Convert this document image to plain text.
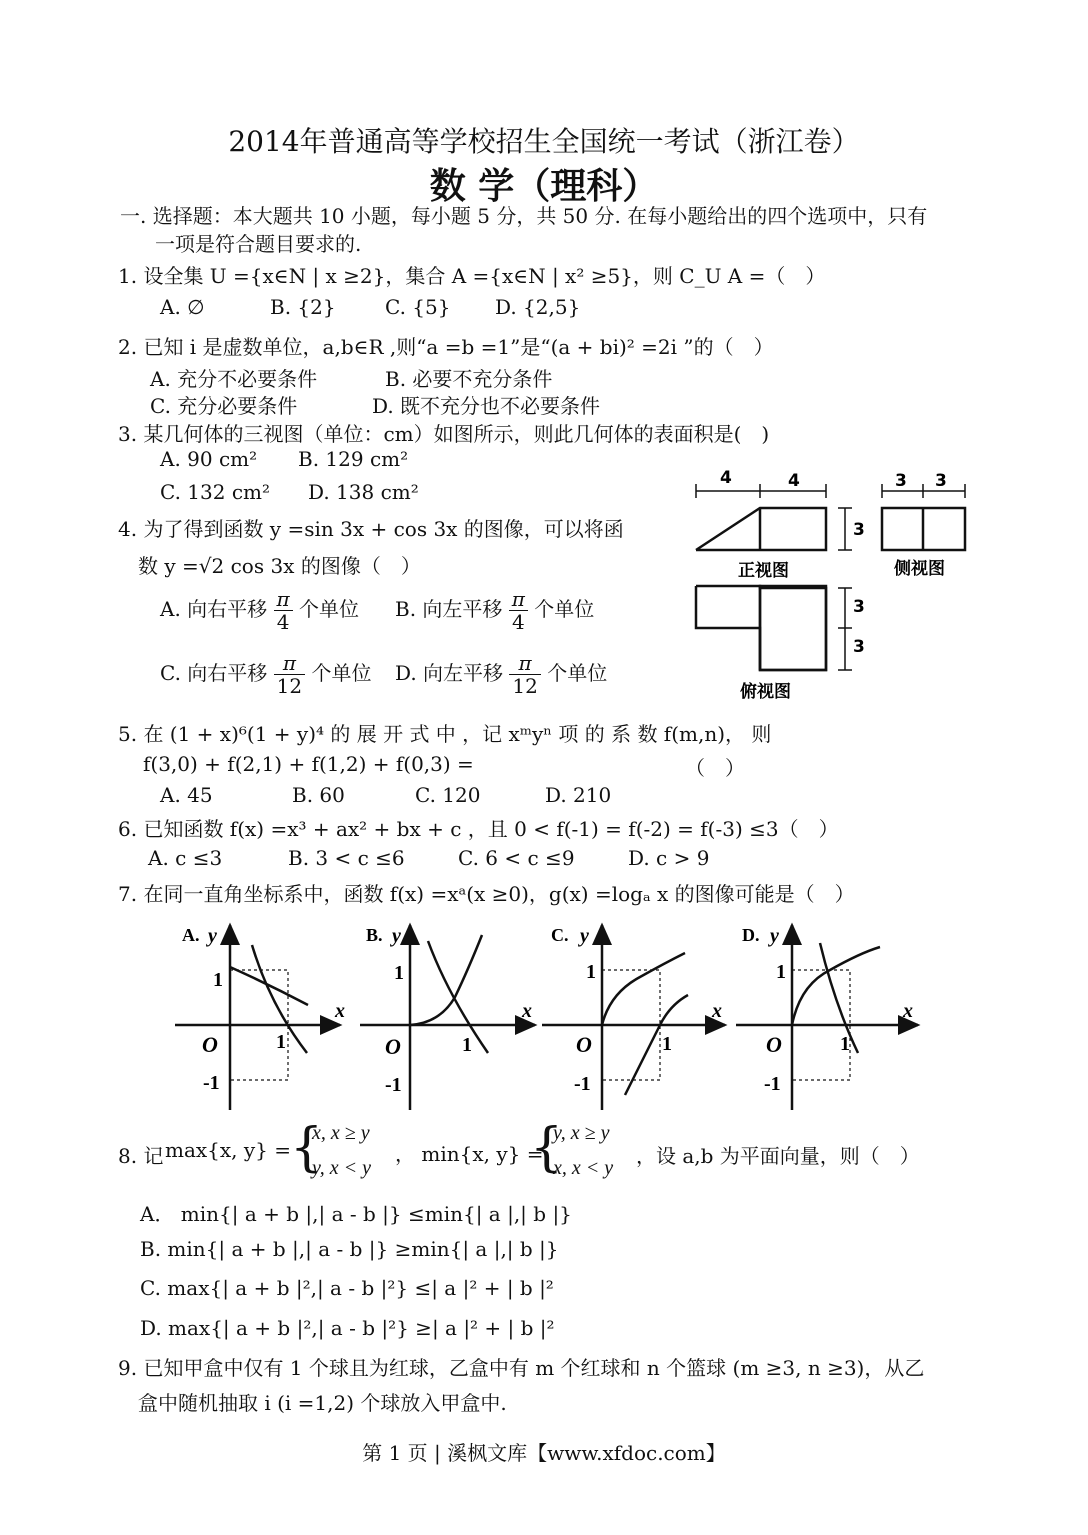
2014年普通高等学校招生全国统一考试（浙江卷）
数 学（理科）
一. 选择题：本大题共 10 小题，每小题 5 分，共 50 分. 在每小题给出的四个选项中，只有
一项是符合题目要求的.
1. 设全集 U ={x∈N | x ≥2}，集合 A ={x∈N | x² ≥5}，则 C_U A =（　）
A. ∅	B. {2} C. {5} D. {2,5}
2. 已知 i 是虚数单位，a,b∈R ,则“a =b =1”是“(a + bi)² =2i ”的（　）
A. 充分不必要条件	B. 必要不充分条件
C. 充分必要条件	D. 既不充分也不必要条件
3. 某几何体的三视图（单位：cm）如图所示，则此几何体的表面积是(　)
A. 90 cm² B. 129 cm²
C. 132 cm² D. 138 cm²
4	4	3 3
3
3
3
正视图	侧视图
俯视图
4. 为了得到函数 y =sin 3x + cos 3x 的图像，可以将函
数 y =√2 cos 3x 的图像（　）
A. 向右平移 $\frac{\pi}{4}$ 个单位 B. 向左平移 $\frac{\pi}{4}$ 个单位
C. 向右平移 $\frac{\pi}{12}$ 个单位 D. 向左平移 $\frac{\pi}{12}$ 个单位
5. 在 (1 + x)⁶(1 + y)⁴ 的 展 开 式 中 ，记 xᵐyⁿ 项 的 系 数 f(m,n)， 则
f(3,0) + f(2,1) + f(1,2) + f(0,3) =	（　）
A. 45	B. 60	C. 120	D. 210
6. 已知函数 f(x) =x³ + ax² + bx + c ，且 0 < f(-1) = f(-2) = f(-3) ≤3（　）
A. c ≤3	B. 3 < c ≤6	C. 6 < c ≤9	D. c > 9
7. 在同一直角坐标系中，函数 f(x) =xᵃ(x ≥0)，g(x) =logₐ x 的图像可能是（　）
A. y
x
O
1
1
-1
B. y
x
O
1
1
-1
C. y
x
O
1
1
-1
D. y
x
O
1
1
-1
8. 记 max{x, y} =
{
x, x ≥ y
y, x < y
， min{x, y} =
{
y, x ≥ y
x, x < y ，设 a,b 为平面向量，则（　）
A． min{| a + b |,| a - b |} ≤min{| a |,| b |}
B. min{| a + b |,| a - b |} ≥min{| a |,| b |}
C. max{| a + b |²,| a - b |²} ≤| a |² + | b |²
D. max{| a + b |²,| a - b |²} ≥| a |² + | b |²
9. 已知甲盒中仅有 1 个球且为红球，乙盒中有 m 个红球和 n 个篮球 (m ≥3, n ≥3)，从乙
盒中随机抽取 i (i =1,2) 个球放入甲盒中.
第 1 页 | 溪枫文库【www.xfdoc.com】
